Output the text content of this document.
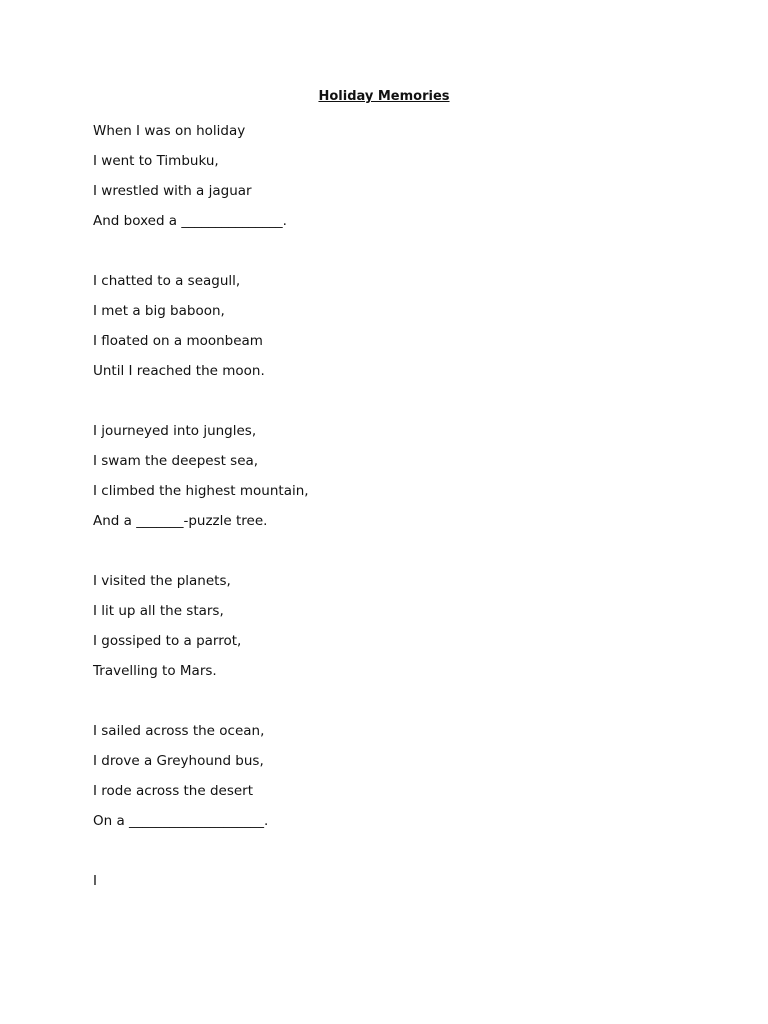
Holiday Memories
When I was on holiday
I went to Timbuku,
I wrestled with a jaguar
And boxed a _______________.
I chatted to a seagull,
I met a big baboon,
I floated on a moonbeam
Until I reached the moon.
I journeyed into jungles,
I swam the deepest sea,
I climbed the highest mountain,
And a _______-puzzle tree.
I visited the planets,
I lit up all the stars,
I gossiped to a parrot,
Travelling to Mars.
I sailed across the ocean,
I drove a Greyhound bus,
I rode across the desert
On a ____________________.
I
